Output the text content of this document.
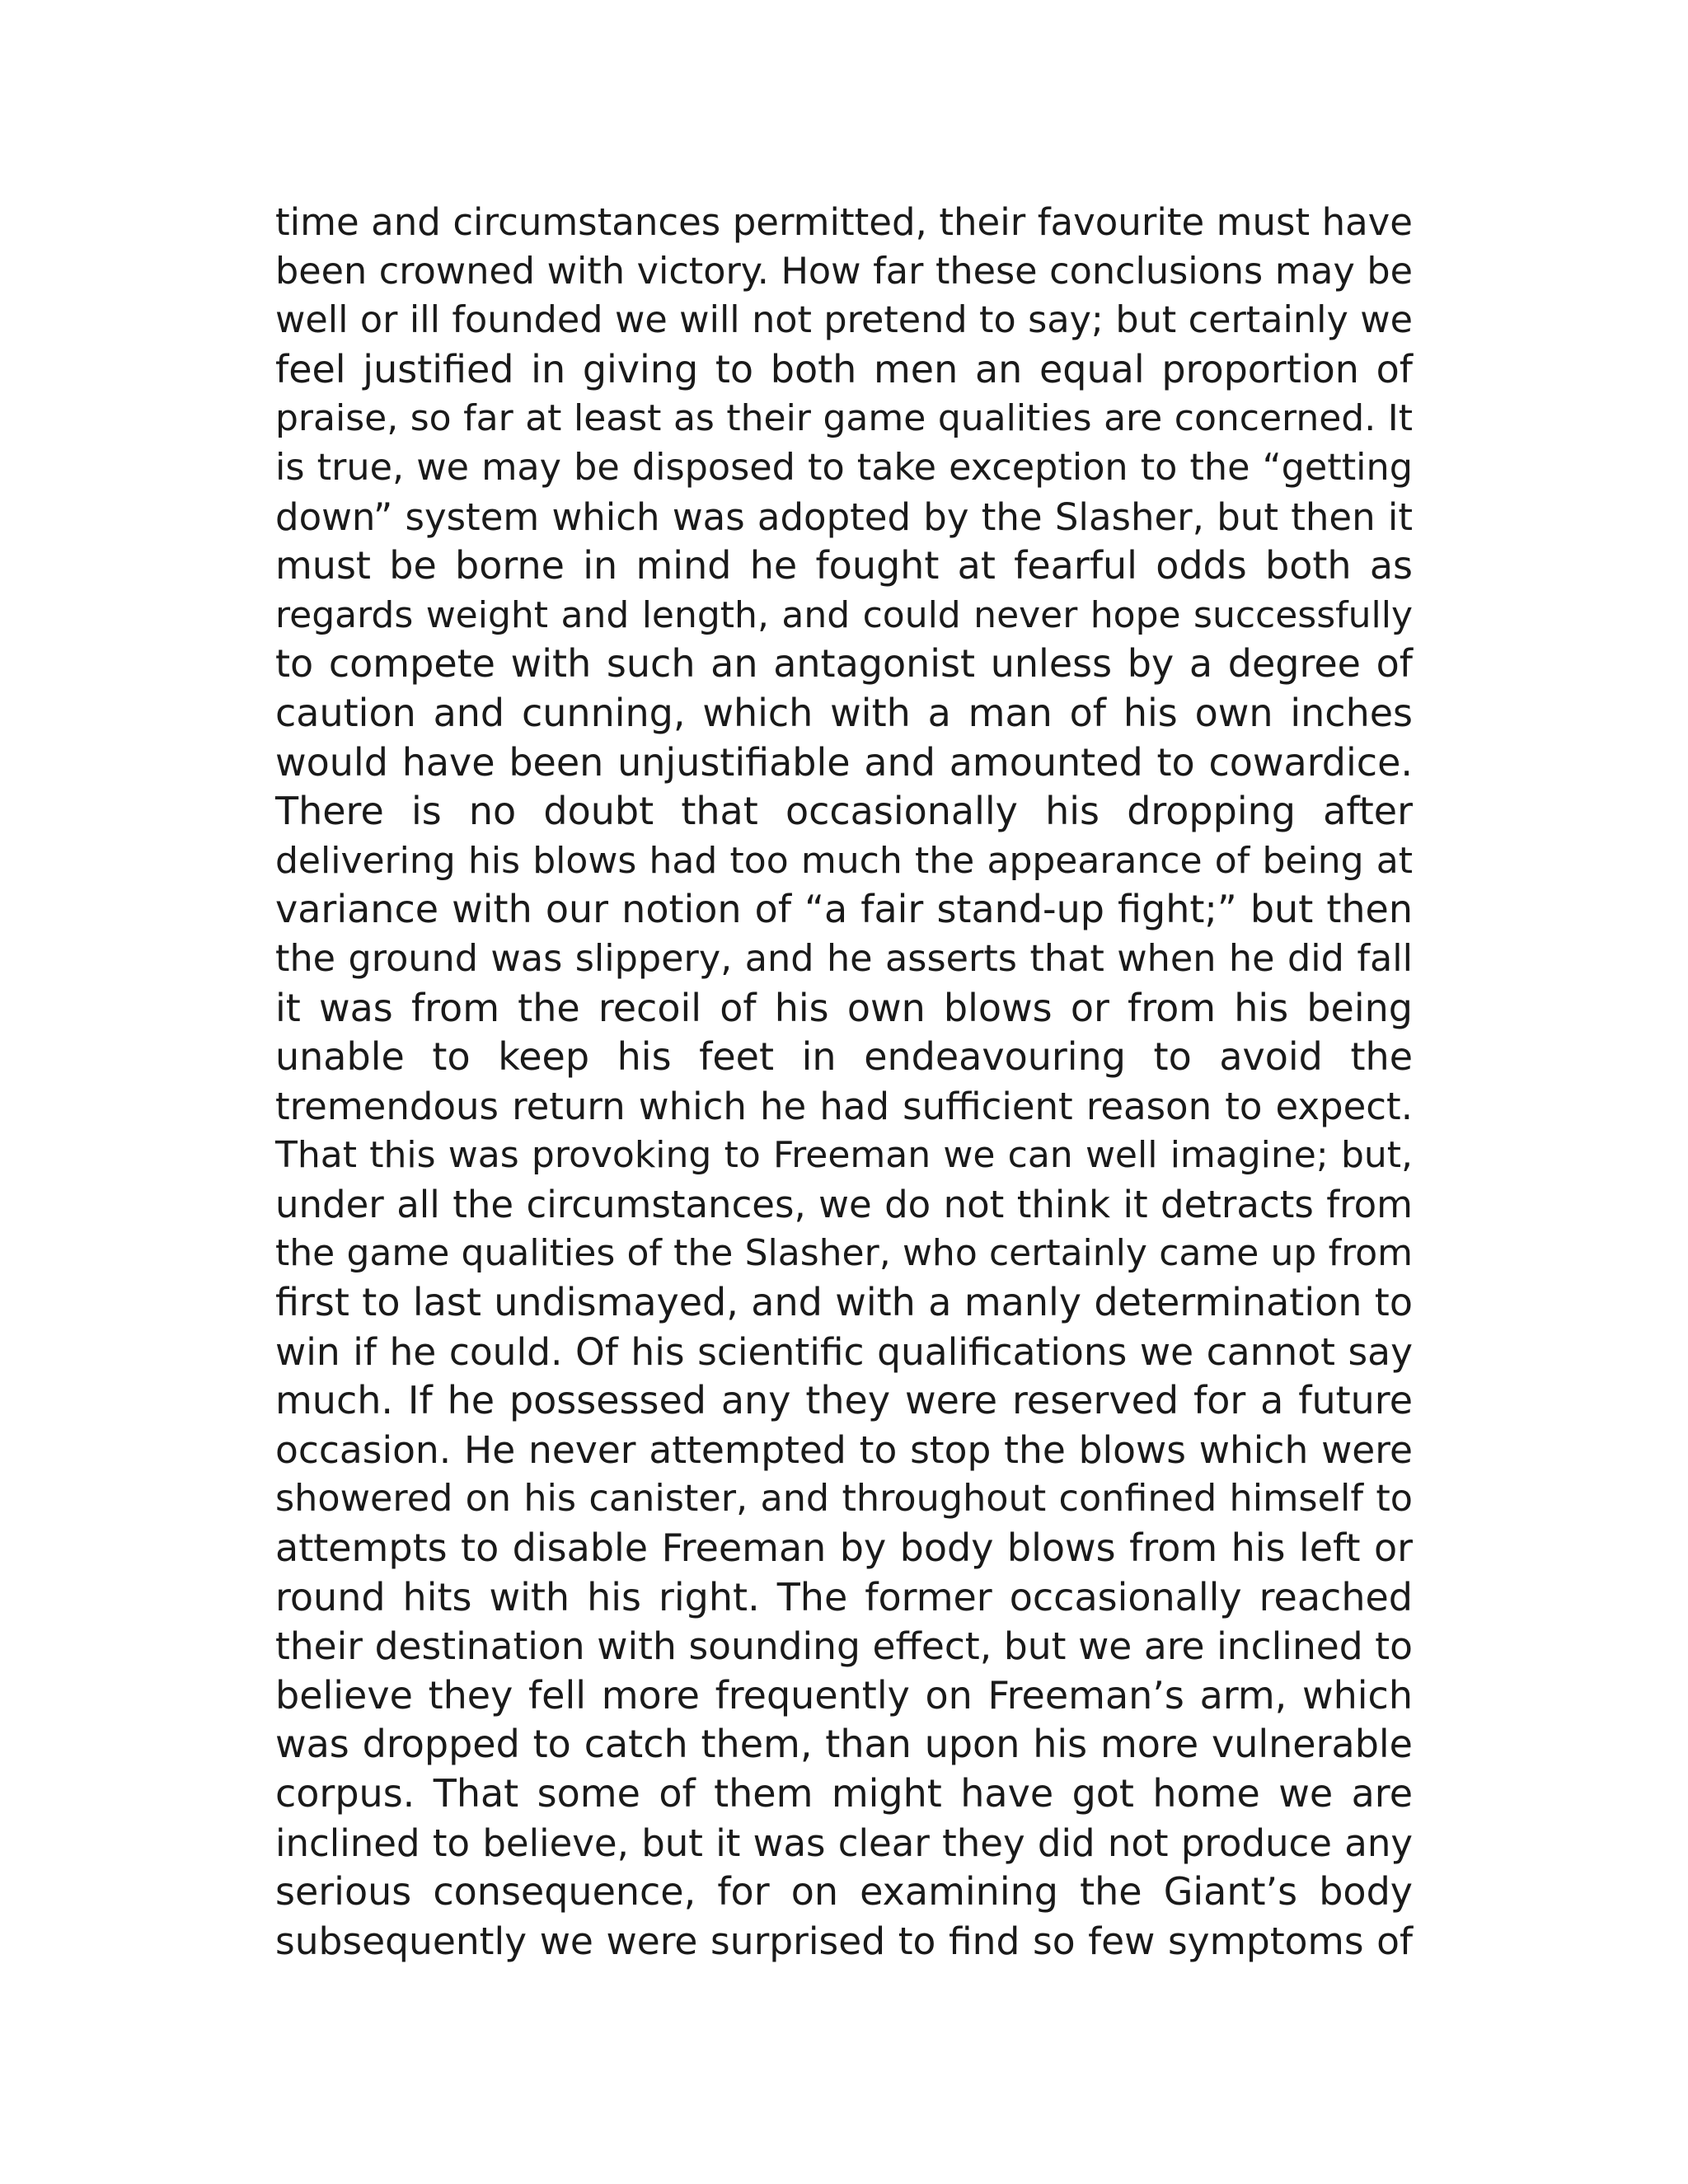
time and circumstances permitted, their favourite must have
been crowned with victory. How far these conclusions may be
well or ill founded we will not pretend to say; but certainly we
feel justified in giving to both men an equal proportion of
praise, so far at least as their game qualities are concerned. It
is true, we may be disposed to take exception to the “getting
down” system which was adopted by the Slasher, but then it
must be borne in mind he fought at fearful odds both as
regards weight and length, and could never hope successfully
to compete with such an antagonist unless by a degree of
caution and cunning, which with a man of his own inches
would have been unjustifiable and amounted to cowardice.
There is no doubt that occasionally his dropping after
delivering his blows had too much the appearance of being at
variance with our notion of “a fair stand-up fight;” but then
the ground was slippery, and he asserts that when he did fall
it was from the recoil of his own blows or from his being
unable to keep his feet in endeavouring to avoid the
tremendous return which he had sufficient reason to expect.
That this was provoking to Freeman we can well imagine; but,
under all the circumstances, we do not think it detracts from
the game qualities of the Slasher, who certainly came up from
first to last undismayed, and with a manly determination to
win if he could. Of his scientific qualifications we cannot say
much. If he possessed any they were reserved for a future
occasion. He never attempted to stop the blows which were
showered on his canister, and throughout confined himself to
attempts to disable Freeman by body blows from his left or
round hits with his right. The former occasionally reached
their destination with sounding effect, but we are inclined to
believe they fell more frequently on Freeman’s arm, which
was dropped to catch them, than upon his more vulnerable
corpus. That some of them might have got home we are
inclined to believe, but it was clear they did not produce any
serious consequence, for on examining the Giant’s body
subsequently we were surprised to find so few symptoms of
